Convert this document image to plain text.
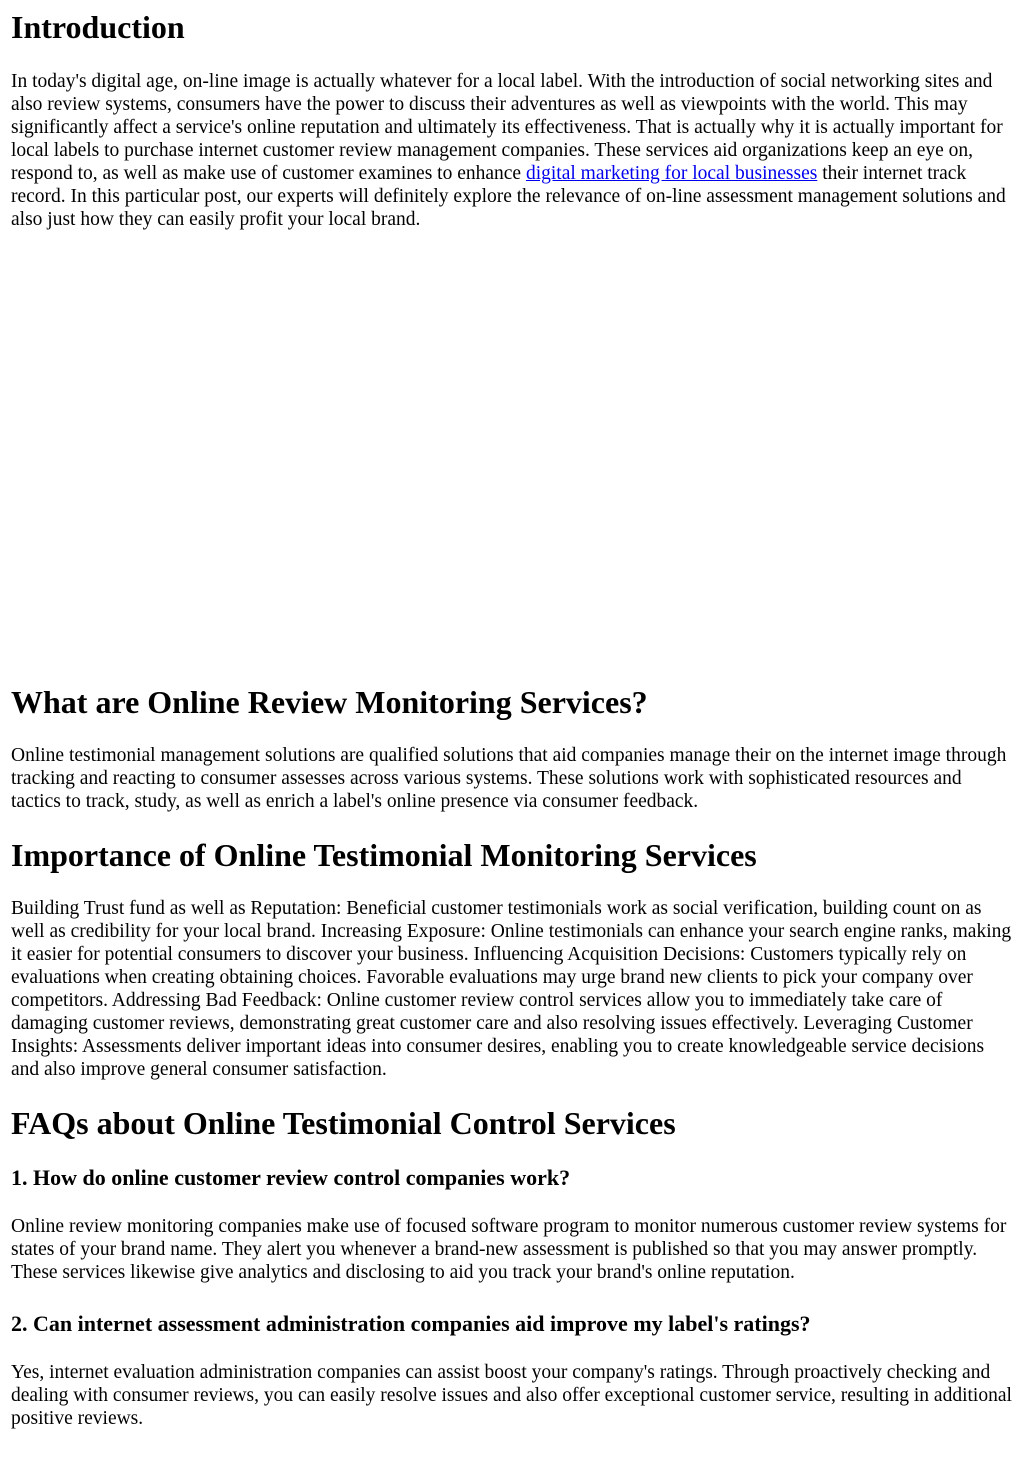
Introduction

In today's digital age, on-line image is actually whatever for a local label. With the introduction of social networking sites and also review systems, consumers have the power to discuss their adventures as well as viewpoints with the world. This may significantly affect a service's online reputation and ultimately its effectiveness. That is actually why it is actually important for local labels to purchase internet customer review management companies. These services aid organizations keep an eye on, respond to, as well as make use of customer examines to enhance digital marketing for local businesses their internet track record. In this particular post, our experts will definitely explore the relevance of on-line assessment management solutions and also just how they can easily profit your local brand.

What are Online Review Monitoring Services?

Online testimonial management solutions are qualified solutions that aid companies manage their on the internet image through tracking and reacting to consumer assesses across various systems. These solutions work with sophisticated resources and tactics to track, study, as well as enrich a label's online presence via consumer feedback.

Importance of Online Testimonial Monitoring Services

Building Trust fund as well as Reputation: Beneficial customer testimonials work as social verification, building count on as well as credibility for your local brand. Increasing Exposure: Online testimonials can enhance your search engine ranks, making it easier for potential consumers to discover your business. Influencing Acquisition Decisions: Customers typically rely on evaluations when creating obtaining choices. Favorable evaluations may urge brand new clients to pick your company over competitors. Addressing Bad Feedback: Online customer review control services allow you to immediately take care of damaging customer reviews, demonstrating great customer care and also resolving issues effectively. Leveraging Customer Insights: Assessments deliver important ideas into consumer desires, enabling you to create knowledgeable service decisions and also improve general consumer satisfaction.

FAQs about Online Testimonial Control Services
1. How do online customer review control companies work?

Online review monitoring companies make use of focused software program to monitor numerous customer review systems for states of your brand name. They alert you whenever a brand-new assessment is published so that you may answer promptly. These services likewise give analytics and disclosing to aid you track your brand's online reputation.

2. Can internet assessment administration companies aid improve my label's ratings?

Yes, internet evaluation administration companies can assist boost your company's ratings. Through proactively checking and dealing with consumer reviews, you can easily resolve issues and also offer exceptional customer service, resulting in additional positive reviews.
